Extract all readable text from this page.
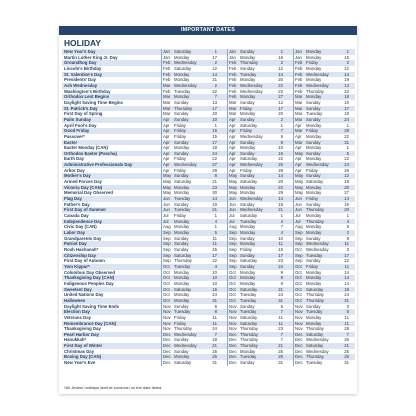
IMPORTANT DATES
HOLIDAY
New Year's Day	Jan Saturday	1	Jan Sunday	1	Jan Monday	1
Martin Luther King Jr. Day	Jan Monday	17	Jan Monday	16	Jan Monday	15
Groundhog Day	Feb Wednesday	2	Feb Thursday	2	Feb Friday	2
Lincoln's Birthday	Feb Saturday	12	Feb Sunday	12	Feb Monday	12
St. Valentine's Day	Feb Monday	14	Feb Tuesday	14	Feb Wednesday	14
Presidents' Day	Feb Monday	21	Feb Monday	20	Feb Monday	19
Ash Wednesday	Mar Wednesday	2	Feb Wednesday	22	Feb Wednesday	14
Washington's Birthday	Feb Tuesday	22	Feb Wednesday	22	Feb Thursday	22
Orthodox Lent Begins	Mar Monday	7	Feb Monday	27	Mar Monday	18
Daylight Saving Time Begins	Mar Sunday	13	Mar Sunday	12	Mar Sunday	10
St. Patrick's Day	Mar Thursday	17	Mar Friday	17	Mar Sunday	17
First Day of Spring	Mar Sunday	20	Mar Monday	20	Mar Tuesday	19
Palm Sunday	Apr Sunday	10	Apr Sunday	2	Mar Sunday	24
April Fool's Day	Apr Friday	1	Apr Saturday	1	Apr Monday	1
Good Friday	Apr Friday	15	Apr Friday	7	Mar Friday	29
Passover*	Apr Friday	15	Apr Wednesday	5	Apr Monday	22
Easter	Apr Sunday	17	Apr Sunday	9	Mar Sunday	31
Easter Monday (CAN)	Apr Monday	18	Apr Monday	10	Apr Monday	1
Orthodox Easter (Pascha)	Apr Sunday	24	Apr Sunday	16	May Sunday	5
Earth Day	Apr Friday	22	Apr Saturday	22	Apr Monday	22
Administrative Professionals Day	Apr Wednesday	27	Apr Wednesday	26	Apr Wednesday	24
Arbor Day	Apr Friday	29	Apr Friday	28	Apr Friday	26
Mother's Day	May Sunday	8	May Sunday	14	May Sunday	12
Armed Forces Day	May Saturday	21	May Saturday	20	May Saturday	18
Victoria Day (CAN)	May Monday	23	May Monday	22	May Monday	20
Memorial Day Observed	May Monday	30	May Monday	29	May Monday	27
Flag Day	Jun Tuesday	14	Jun Wednesday	14	Jun Friday	14
Father's Day	Jun Sunday	19	Jun Sunday	18	Jun Sunday	16
First Day of Summer	Jun Tuesday	21	Jun Wednesday	21	Jun Thursday	20
Canada Day	Jul Friday	1	Jul Saturday	1	Jul Monday	1
Independence Day	Jul Monday	4	Jul Tuesday	4	Jul Thursday	4
Civic Day (CAN)	Aug Monday	1	Aug Monday	7	Aug Monday	5
Labor Day	Sep Monday	5	Sep Monday	4	Sep Monday	2
Grandparents Day	Sep Sunday	11	Sep Sunday	10	Sep Sunday	8
Patriot Day	Sep Sunday	11	Sep Monday	11	Sep Wednesday	11
Rosh Hashanah*	Sep Sunday	25	Sep Friday	15	Oct Wednesday	2
Citizenship Day	Sep Saturday	17	Sep Sunday	17	Sep Tuesday	17
First Day of Autumn	Sep Thursday	22	Sep Saturday	23	Sep Sunday	22
Yom Kippur*	Oct Tuesday	4	Sep Sunday	24	Oct Friday	11
Columbus Day Observed	Oct Monday	10	Oct Monday	9	Oct Monday	14
Thanksgiving Day (CAN)	Oct Monday	10	Oct Monday	9	Oct Monday	14
Indigenous Peoples Day	Oct Monday	10	Oct Monday	9	Oct Monday	14
Sweetest Day	Oct Saturday	15	Oct Saturday	21	Oct Saturday	19
United Nations Day	Oct Monday	24	Oct Tuesday	24	Oct Thursday	24
Halloween	Oct Monday	31	Oct Tuesday	31	Oct Thursday	31
Daylight Saving Time Ends	Nov Sunday	6	Nov Sunday	5	Nov Sunday	3
Election Day	Nov Tuesday	8	Nov Tuesday	7	Nov Tuesday	5
Veterans Day	Nov Friday	11	Nov Saturday	11	Nov Monday	11
Remembrance Day (CAN)	Nov Friday	11	Nov Saturday	11	Nov Monday	11
Thanksgiving Day	Nov Thursday	24	Nov Thursday	23	Nov Thursday	28
Pearl Harbor Day	Dec Wednesday	7	Dec Thursday	7	Dec Saturday	7
Hanukkah*	Dec Sunday	18	Dec Thursday	7	Dec Wednesday	25
First Day of Winter	Dec Wednesday	21	Dec Thursday	21	Dec Saturday	21
Christmas Day	Dec Sunday	25	Dec Monday	25	Dec Wednesday	25
Boxing Day (CAN)	Dec Monday	26	Dec Tuesday	26	Dec Thursday	26
New Year's Eve	Dec Saturday	31	Dec Sunday	31	Dec Tuesday	31
*All Jewish holidays start at sundown on the date listed.
